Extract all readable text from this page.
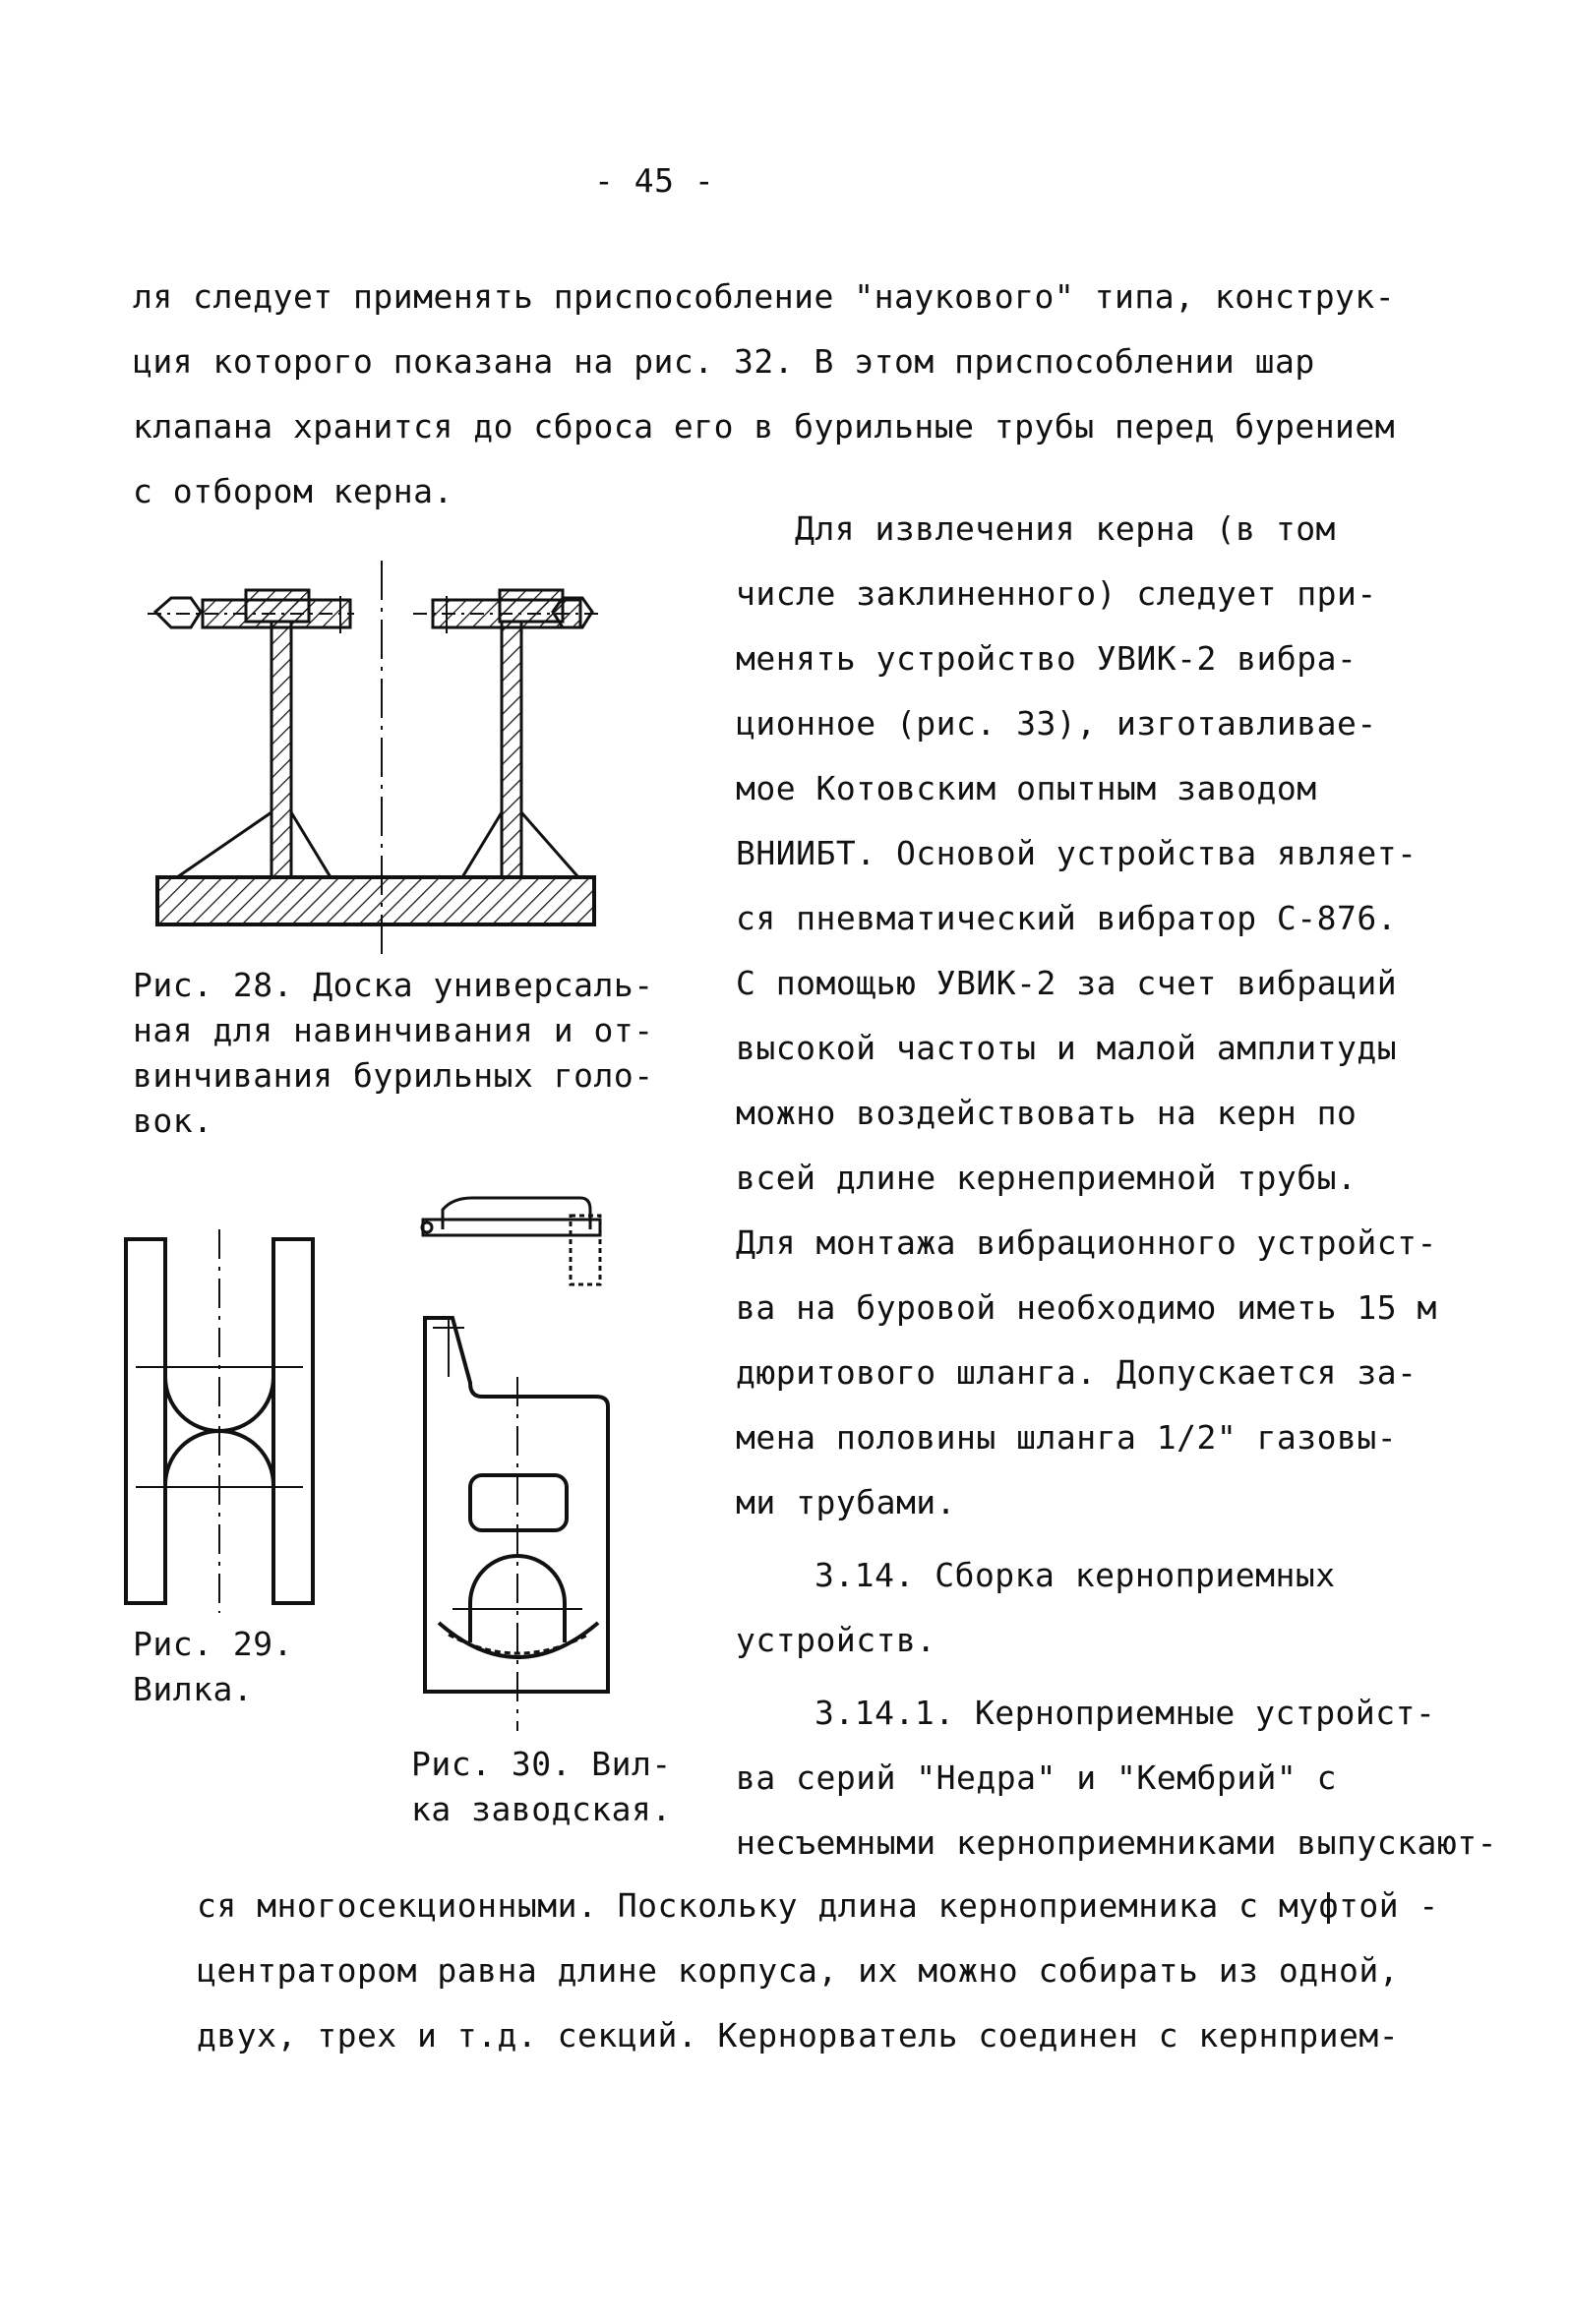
- 45 -
ля следует применять приспособление "наукового" типа, конструк-
ция которого показана на рис. 32. В этом приспособлении шар
клапана хранится до сброса его в бурильные трубы перед бурением
с отбором керна.
Для извлечения керна (в том
числе заклиненного) следует при-
менять устройство УВИК-2 вибра-
ционное (рис. 33), изготавливае-
мое Котовским опытным заводом
ВНИИБТ. Основой устройства являет-
ся пневматический вибратор С-876.
С помощью УВИК-2 за счет вибраций
высокой частоты и малой амплитуды
можно воздействовать на керн по
всей длине кернеприемной трубы.
Для монтажа вибрационного устройст-
ва на буровой необходимо иметь 15 м
дюритового шланга. Допускается за-
мена половины шланга 1/2" газовы-
ми трубами.
3.14. Сборка керноприемных
устройств.
3.14.1. Керноприемные устройст-
ва серий "Недра" и "Кембрий" с
несъемными керноприемниками выпускают-
ся многосекционными. Поскольку длина керноприемника с муфтой -
центратором равна длине корпуса, их можно собирать из одной,
двух, трех и т.д. секций. Кернорватель соединен с кернприем-
Рис. 28. Доска универсаль-
ная для навинчивания и от-
винчивания бурильных голо-
вок.
Рис. 29.
Вилка.
Рис. 30. Вил-
ка заводская.
